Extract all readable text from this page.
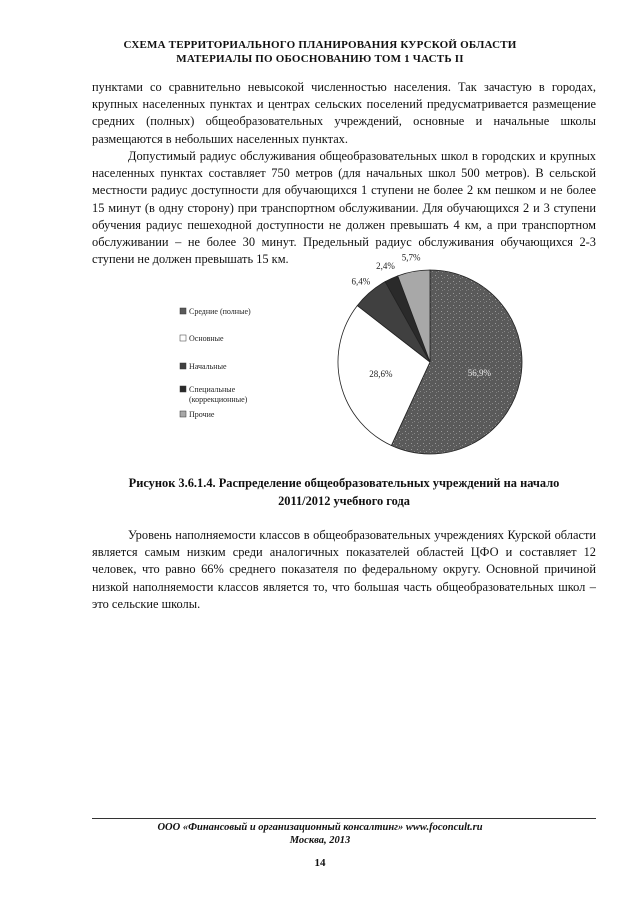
СХЕМА ТЕРРИТОРИАЛЬНОГО ПЛАНИРОВАНИЯ КУРСКОЙ ОБЛАСТИ
МАТЕРИАЛЫ ПО ОБОСНОВАНИЮ ТОМ 1 ЧАСТЬ II

пунктами со сравнительно невысокой численностью населения. Так зачастую в городах, крупных населенных пунктах и центрах сельских поселений предусматривается размещение средних (полных) общеобразовательных учреждений, основные и начальные школы размещаются в небольших населенных пунктах.

Допустимый радиус обслуживания общеобразовательных школ в городских и крупных населенных пунктах составляет 750 метров (для начальных школ 500 метров). В сельской местности радиус доступности для обучающихся 1 ступени не более 2 км пешком и не более 15 минут (в одну сторону) при транспортном обслуживании. Для обучающихся 2 и 3 ступени обучения радиус пешеходной доступности не должен превышать 4 км, а при транспортном обслуживании – не более 30 минут. Предельный радиус обслуживания обучающихся 2-3 ступени не должен превышать 15 км.

Средние (полные)
Основные
Начальные
Специальные
(коррекционные)
Прочие
56,9%
28,6%
6,4%
2,4%
5,7%
Рисунок 3.6.1.4. Распределение общеобразовательных учреждений на начало
2011/2012 учебного года

Уровень наполняемости классов в общеобразовательных учреждениях Курской области является самым низким среди аналогичных показателей областей ЦФО и составляет 12 человек, что равно 66% среднего показателя по федеральному округу. Основной причиной низкой наполняемости классов является то, что большая часть общеобразовательных школ – это сельские школы.

ООО «Финансовый и организационный консалтинг» www.foconcult.ru
Москва, 2013
14
